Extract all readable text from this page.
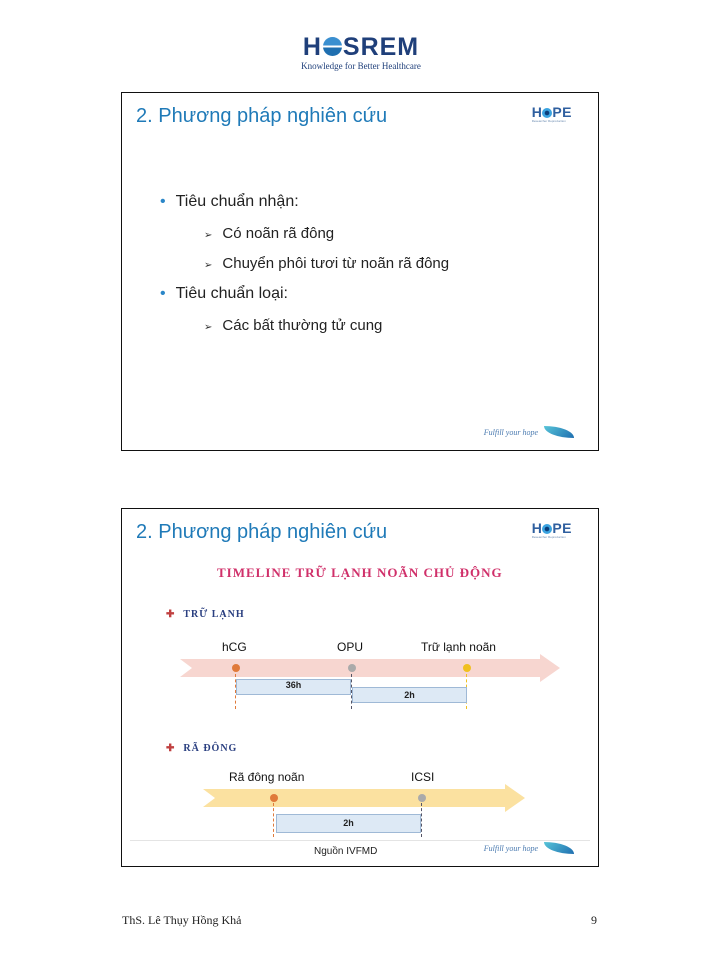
H SREM
Knowledge for Better Healthcare
2. Phương pháp nghiên cứu	H PE
Researcher Reproduction
• Tiêu chuẩn nhận:
➢ Có noãn rã đông
➢ Chuyển phôi tươi từ noãn rã đông
• Tiêu chuẩn loại:
➢ Các bất thường tử cung
Fulfill your hope
2. Phương pháp nghiên cứu	H PE
Researcher Reproduction
TIMELINE TRỮ LẠNH NOÃN CHỦ ĐỘNG
✚ TRỮ LẠNH
hCG	OPU	Trữ lạnh noãn
36h
2h
✚ RÃ ĐÔNG
Rã đông noãn	ICSI
2h
Nguồn IVFMD	Fulfill your hope
ThS. Lê Thụy Hồng Khả	9
